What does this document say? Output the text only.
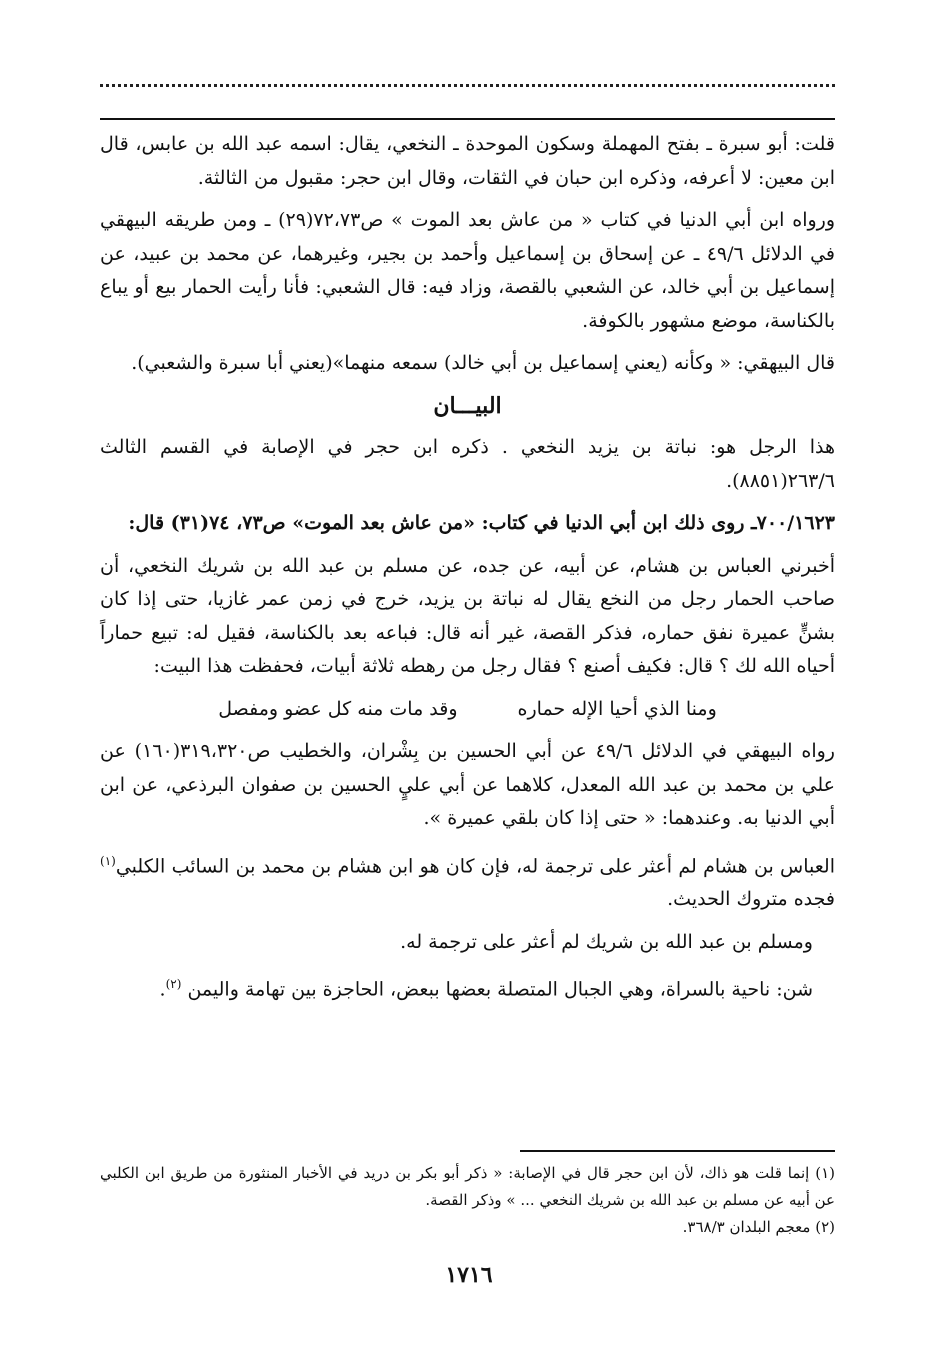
قلت: أبو سبرة ـ بفتح المهملة وسكون الموحدة ـ النخعي، يقال: اسمه عبد الله بن عابس، قال ابن معين: لا أعرفه، وذكره ابن حبان في الثقات، وقال ابن حجر: مقبول من الثالثة.

ورواه ابن أبي الدنيا في كتاب « من عاش بعد الموت » ص٧٢،٧٣(٢٩) ـ ومن طريقه البيهقي في الدلائل ٤٩/٦ ـ عن إسحاق بن إسماعيل وأحمد بن بجير، وغيرهما، عن محمد بن عبيد، عن إسماعيل بن أبي خالد، عن الشعبي بالقصة، وزاد فيه: قال الشعبي: فأنا رأيت الحمار بيع أو يباع بالكناسة، موضع مشهور بالكوفة.

قال البيهقي: « وكأنه (يعني إسماعيل بن أبي خالد) سمعه منهما»(يعني أبا سبرة والشعبي).

البيـــان

هذا الرجل هو: نباتة بن يزيد النخعي . ذكره ابن حجر في الإصابة في القسم الثالث ٢٦٣/٦(٨٨٥١).

٧٠٠/١٦٢٣ـ روى ذلك ابن أبي الدنيا في كتاب: «من عاش بعد الموت» ص٧٣، ٧٤(٣١) قال:

أخبرني العباس بن هشام، عن أبيه، عن جده، عن مسلم بن عبد الله بن شريك النخعي، أن صاحب الحمار رجل من النخع يقال له نباتة بن يزيد، خرج في زمن عمر غازيا، حتى إذا كان بشنٍّ عميرة نفق حماره، فذكر القصة، غير أنه قال: فباعه بعد بالكناسة، فقيل له: تبيع حماراً أحياه الله لك ؟ قال: فكيف أصنع ؟ فقال رجل من رهطه ثلاثة أبيات، فحفظت هذا البيت:

ومنا الذي أحيا الإله حماره
وقد مات منه كل عضو ومفصل

رواه البيهقي في الدلائل ٤٩/٦ عن أبي الحسين بن بِشْران، والخطيب ص٣١٩،٣٢٠(١٦٠) عن علي بن محمد بن عبد الله المعدل، كلاهما عن أبي عليٍ الحسين بن صفوان البرذعي، عن ابن أبي الدنيا به. وعندهما: « حتى إذا كان بلقي عميرة ».

العباس بن هشام لم أعثر على ترجمة له، فإن كان هو ابن هشام بن محمد بن السائب الكلبي$^{(١)}$ فجده متروك الحديث.

ومسلم بن عبد الله بن شريك لم أعثر على ترجمة له.

شن: ناحية بالسراة، وهي الجبال المتصلة بعضها ببعض، الحاجزة بين تهامة واليمن $^{(٢)}$.

(١) إنما قلت هو ذاك، لأن ابن حجر قال في الإصابة: « ذكر أبو بكر بن دريد في الأخبار المنثورة من طريق ابن الكلبي عن أبيه عن مسلم بن عبد الله بن شريك النخعي ... » وذكر القصة.

(٢) معجم البلدان ٣٦٨/٣.

١٧١٦
